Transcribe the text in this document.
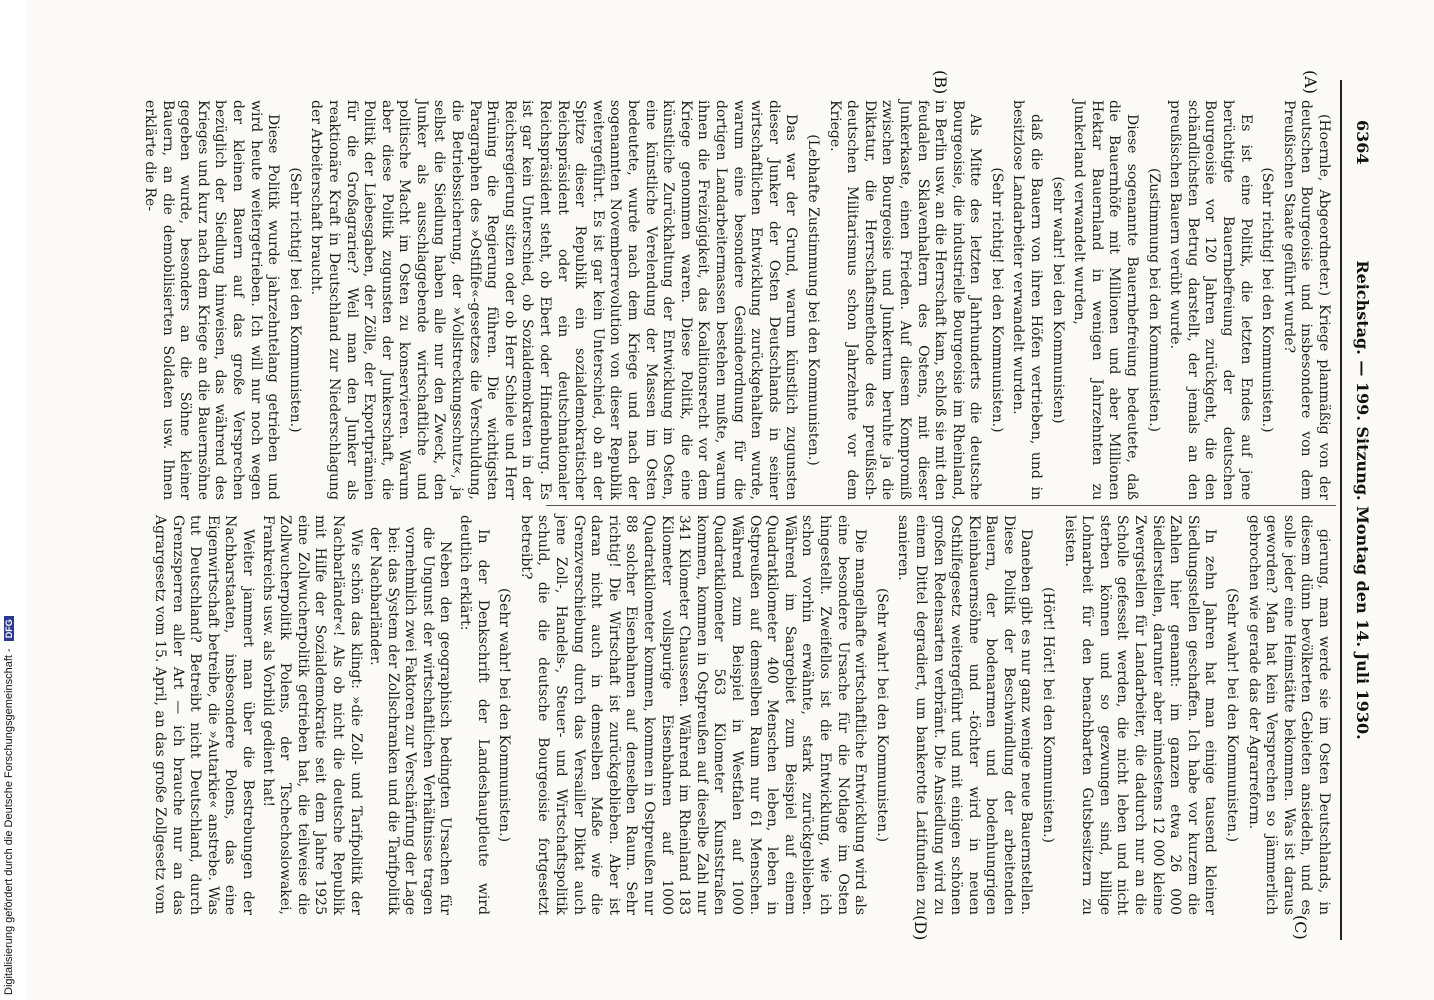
Digitalisierung gefördert durch die Deutsche Forschungsgemeinschaft - DFG
6364
Reichstag. — 199. Sitzung. Montag den 14. Juli 1930.
(A)
(B)
(C)
(D)

(Hoernle, Abgeordneter.) Kriege planmäßig von der deutschen Bourgeoisie und insbesondere von dem Preußischen Staate geführt wurde?

(Sehr richtig! bei den Kommunisten.)

Es ist eine Politik, die letzten Endes auf jene berüchtigte Bauernbefreiung der deutschen Bourgeoisie vor 120 Jahren zurückgeht, die den schändlichsten Betrug darstellt, der jemals an den preußischen Bauern verübt wurde.

(Zustimmung bei den Kommunisten.)

Diese sogenannte Bauernbefreiung bedeutete, daß die Bauernhöfe mit Millionen und aber Millionen Hektar Bauernland in wenigen Jahrzehnten zu Junkerland verwandelt wurden,

(sehr wahr! bei den Kommunisten)

daß die Bauern von ihren Höfen vertrieben, und in besitzlose Landarbeiter verwandelt wurden.

(Sehr richtig! bei den Kommunisten.)

Als Mitte des letzten Jahrhunderts die deutsche Bourgeoisie, die industrielle Bourgeoisie im Rheinland, in Berlin usw. an die Herrschaft kam, schloß sie mit den feudalen Sklavenhaltern des Ostens, mit dieser Junkerkaste, einen Frieden. Auf diesem Kompromiß zwischen Bourgeoisie und Junkertum beruhte ja die Diktatur, die Herrschaftsmethode des preußisch-deutschen Militarismus schon Jahrzehnte vor dem Kriege.

(Lebhafte Zustimmung bei den Kommunisten.)

Das war der Grund, warum künstlich zugunsten dieser Junker der Osten Deutschlands in seiner wirtschaftlichen Entwicklung zurückgehalten wurde, warum eine besondere Gesindeordnung für die dortigen Landarbeitermassen bestehen mußte, warum ihnen die Freizügigkeit, das Koalitionsrecht vor dem Kriege genommen waren. Diese Politik, die eine künstliche Zurückhaltung der Entwicklung im Osten, eine künstliche Verelendung der Massen im Osten bedeutete, wurde nach dem Kriege und nach der sogenannten Novemberrevolution von dieser Republik weitergeführt. Es ist gar kein Unterschied, ob an der Spitze dieser Republik ein sozialdemokratischer Reichspräsident oder ein deutschnationaler Reichspräsident steht, ob Ebert oder Hindenburg. Es ist gar kein Unterschied, ob Sozialdemokraten in der Reichsregierung sitzen oder ob Herr Schiele und Herr Brüning die Regierung führen. Die wichtigsten Paragraphen des »Ostfilfe«-gesetzes die Verschuldung, die Betriebssicherung, der »Vollstreckungsschutz«, ja selbst die Siedlung haben alle nur den Zweck, den Junker als ausschlaggebende wirtschaftliche und politische Macht im Osten zu konservieren. Warum aber diese Politik zugunsten der Junkerschaft, die Politik der Liebesgaben, der Zölle, der Exportprämien für die Großagrarier? Weil man den Junker als reaktionäre Kraft in Deutschland zur Niederschlagung der Arbeiterschaft braucht.

(Sehr richtig! bei den Kommunisten.)

Diese Politik wurde jahrzehntelang getrieben und wird heute weitergetrieben. Ich will nur noch wegen der kleinen Bauern auf das große Versprechen bezüglich der Siedlung hinweisen, das während des Krieges und kurz nach dem Kriege an die Bauernsöhne gegeben wurde, besonders an die Söhne kleiner Bauern, an die demobilisierten Soldaten usw. Ihnen erklärte die Re-

gierung, man werde sie im Osten Deutschlands, in diesem dünn bevölkerten Gebieten ansiedeln, und es solle jeder eine Heimstätte bekommen. Was ist daraus geworden? Man hat kein Versprechen so jämmerlich gebrochen wie gerade das der Agrarreform.

(Sehr wahr! bei den Kommunisten.)

In zehn Jahren hat man einige tausend kleiner Siedlungsstellen geschaffen. Ich habe vor kurzem die Zahlen hier genannt: im ganzen etwa 26 000 Siedlerstellen, darunter aber mindestens 12 000 kleine Zwergstellen für Landarbeiter, die dadurch nur an die Scholle gefesselt werden, die nicht leben und nicht sterben können und so gezwungen sind, billige Lohnarbeit für den benachbarten Gutsbesitzern zu leisten.

(Hört! Hört! bei den Kommunisten.)

Daneben gibt es nur ganz wenige neue Bauernstellen. Diese Politik der Beschwindlung der arbeitenden Bauern, der bodenarmen und bodenhungrigen Kleinbauernsöhne und -töchter wird in neuen Osthilfegesetz weitergeführt und mit einigen schönen großen Redensarten verbrämt. Die Ansiedlung wird zu einem Dittel degradiert, um bankerotte Latifundien zu sanieren.

(Sehr wahr! bei den Kommunisten.)

Die mangelhafte wirtschaftliche Entwicklung wird als eine besondere Ursache für die Notlage im Osten hingestellt. Zweifellos ist die Entwicklung, wie ich schon vorhin erwähnte, stark zurückgeblieben. Während im Saargebiet zum Beispiel auf einem Quadratkilometer 400 Menschen leben, leben in Ostpreußen auf demselben Raum nur 61 Menschen. Während zum Beispiel in Westfalen auf 1000 Quadratkilometer 563 Kilometer Kunststraßen kommen, kommen in Ostpreußen auf dieselbe Zahl nur 341 Kilometer Chausseen. Während im Rheinland 183 Kilometer vollspurige Eisenbahnen auf 1000 Quadratkilometer kommen, kommen in Ostpreußen nur 88 solcher Eisenbahnen auf denselben Raum. Sehr richtig! Die Wirtschaft ist zurückgeblieben. Aber ist daran nicht auch in demselben Maße wie die Grenzverschiebung durch das Versailler Diktat auch jene Zoll-, Handels-, Steuer- und Wirtschaftspolitik schuld, die die deutsche Bourgeoisie fortgesetzt betreibt?

(Sehr wahr! bei den Kommunisten.)

In der Denkschrift der Landeshauptleute wird deutlich erklärt:

Neben den geographisch bedingten Ursachen für die Ungunst der wirtschaftlichen Verhältnisse tragen vornehmlich zwei Faktoren zur Verschärfung der Lage bei: das System der Zollschranken und die Tarifpolitik der Nachbarländer.

Wie schön das klingt: »die Zoll- und Tarifpolitik der Nachbarländer«! Als ob nicht die deutsche Republik mit Hilfe der Sozialdemokratie seit dem Jahre 1925 eine Zollwucherpolitik getrieben hat, die teilweise die Zollwucherpolitik Polens, der Tschechoslowakei, Frankreichs usw. als Vorbild gedient hat!

Weiter jammert man über die Bestrebungen der Nachbarstaaten, insbesondere Polens, das eine Eigenwirtschaft betreibe, die »Autarkie« anstrebe. Was tut Deutschland? Betreibt nicht Deutschland, durch Grenzsperren aller Art — ich brauche nur an das Agrargesetz vom 15. April, an das große Zollgesetz vom
